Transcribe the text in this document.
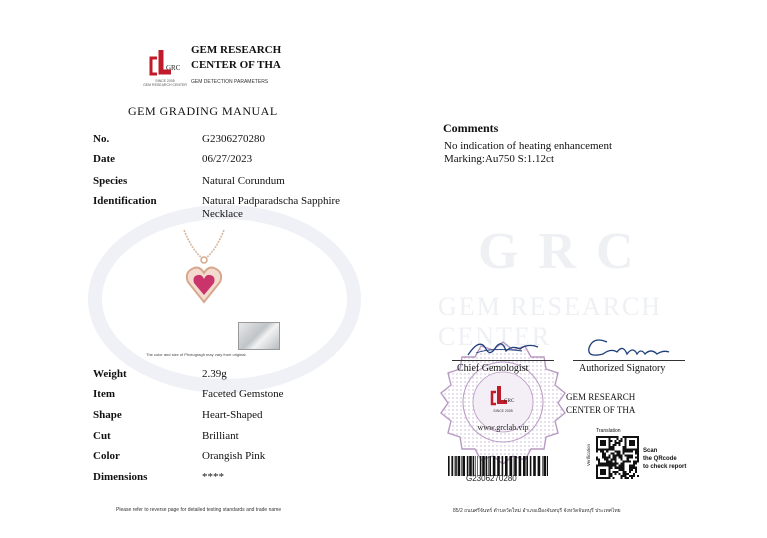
GRC
GEM RESEARCH CENTER
GRC
SINCE 2005
GEM RESEARCH CENTER
GEM RESEARCH
CENTER OF THA
GEM DETECTION PARAMETERS
GEM GRADING MANUAL
No.	G2306270280
Date	06/27/2023
Species	Natural Corundum
Identification	Natural Padparadscha Sapphire
Necklace
The color and size of Photogragh may vary from original.
Weight	2.39g
Item	Faceted Gemstone
Shape	Heart-Shaped
Cut	Brilliant
Color	Orangish Pink
Dimensions	****
Please refer to reverse page for detailed testing standards and trade name
Comments
No indication of heating enhancement
Marking:Au750 S:1.12ct
GRC
SINCE 2005
www.grclab.vip
Chief Gemologist	Authorized Signatory
GEM RESEARCH
CENTER OF THA
G2306270280
Translation
Verification	Scan
the QRcode
to check report
85/2 ถนนศรีจันทร์ ตำบลวัดใหม่ อำเภอเมืองจันทบุรี จังหวัดจันทบุรี ประเทศไทย
